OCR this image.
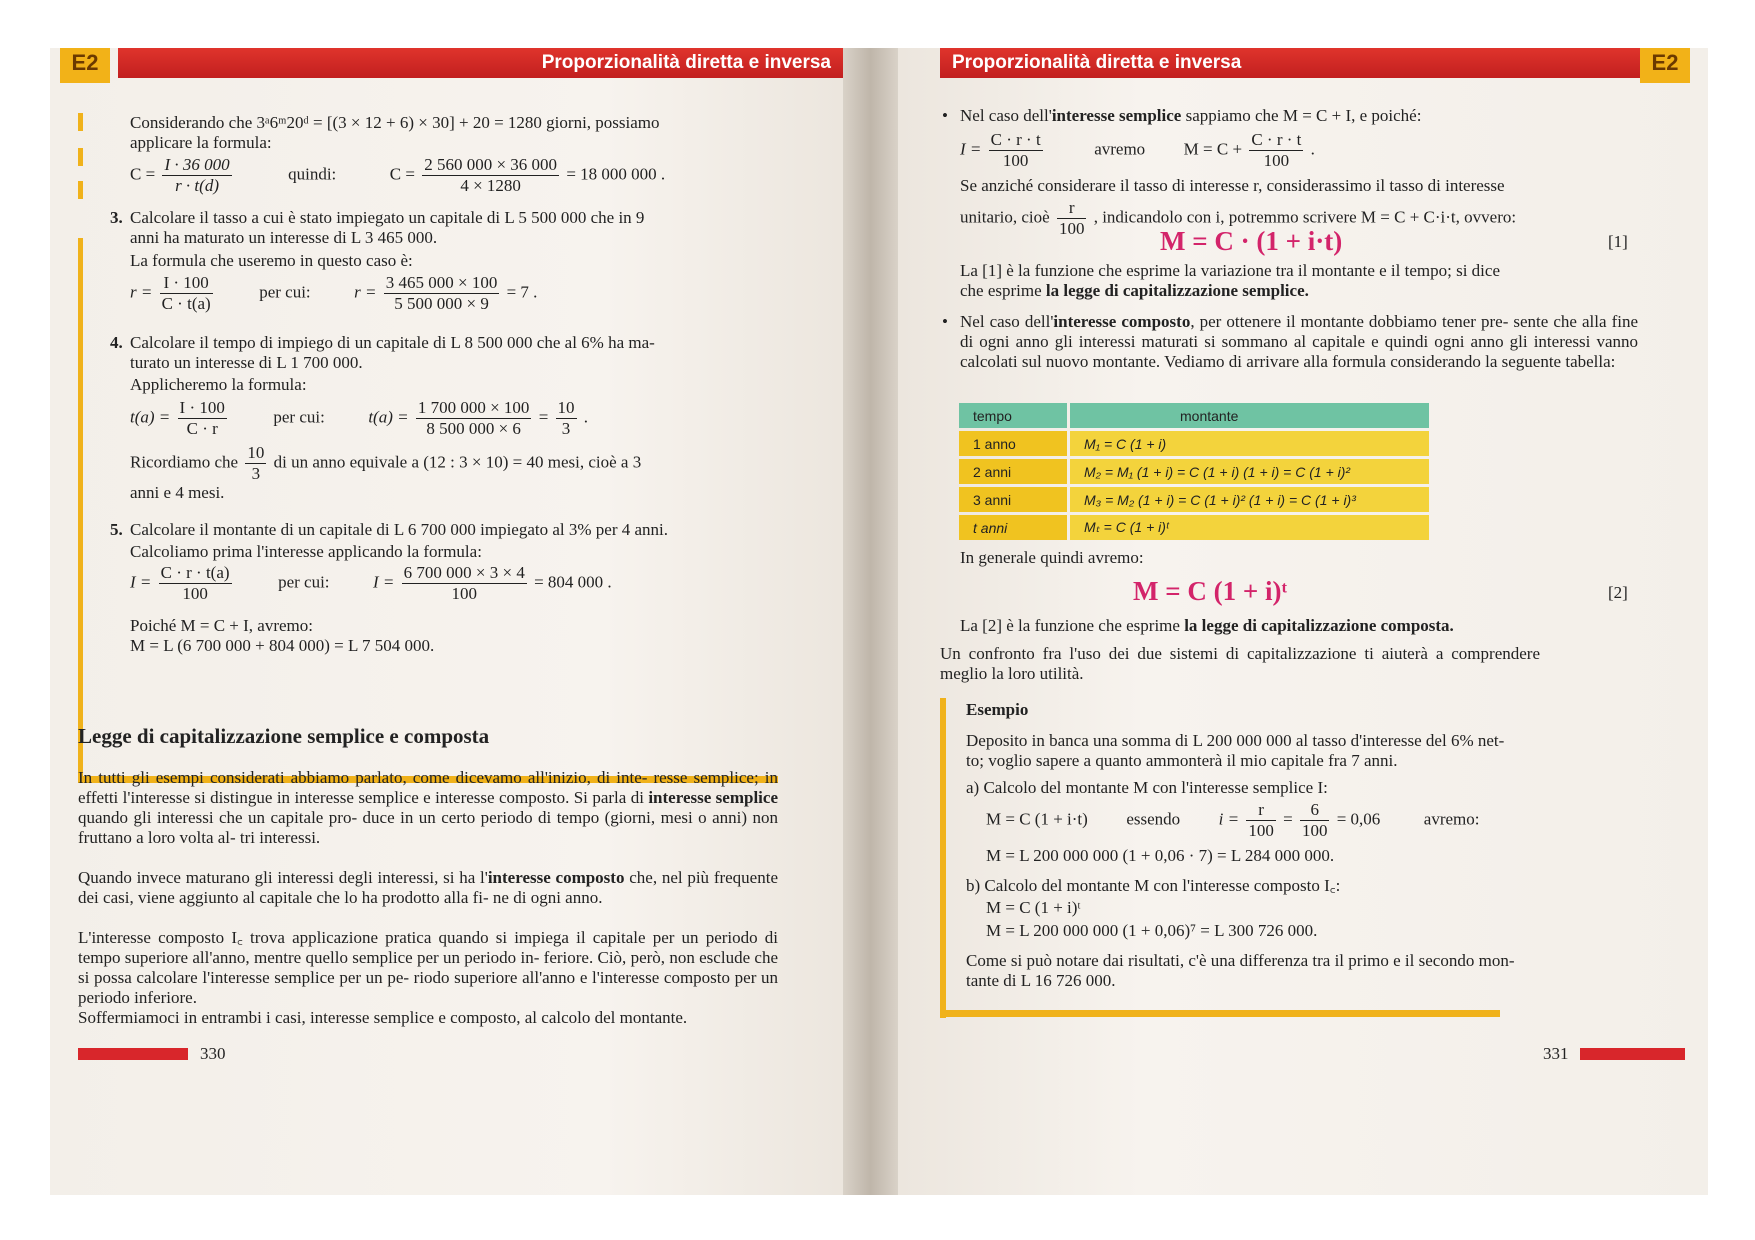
Proporzionalità diretta e inversa
E2
Considerando che 3ᵃ6ᵐ20ᵈ = [(3 × 12 + 6) × 30] + 20 = 1280 giorni, possiamo
applicare la formula:
$C = \frac{I \cdot 36 000}{r \cdot t(d)}$	quindi:	$C = \frac{2 560 000 \times 36 000}{4 \times 1280} = 18$ 000 000 .
3. Calcolare il tasso a cui è stato impiegato un capitale di L 5 500 000 che in 9
anni ha maturato un interesse di L 3 465 000.
La formula che useremo in questo caso è:
$r = \frac{I \cdot 100}{C \cdot t(a)}$	per cui:	$r = \frac{3 465 000 \times 100}{5 500 000 \times 9} = 7$ .
4. Calcolare il tempo di impiego di un capitale di L 8 500 000 che al 6% ha ma-
turato un interesse di L 1 700 000.
Applicheremo la formula:
$t(a) = \frac{I \cdot 100}{C \cdot r}$	per cui:	$t(a) = \frac{1 700 000 \times 100}{8 500 000 \times 6} = \frac{10}{3}$ .
Ricordiamo che $\frac{10}{3}$ di un anno equivale a (12 : 3 × 10) = 40 mesi, cioè a 3
anni e 4 mesi.
5. Calcolare il montante di un capitale di L 6 700 000 impiegato al 3% per 4 anni.
Calcoliamo prima l'interesse applicando la formula:
$I = \frac{C \cdot r \cdot t(a)}{100}$	per cui:	$I = \frac{6 700 000 \times 3 \times 4}{100} = 804$ 000 .
Poiché M = C + I, avremo:
M = L (6 700 000 + 804 000) = L 7 504 000.
Legge di capitalizzazione semplice e composta
In tutti gli esempi considerati abbiamo parlato, come dicevamo all'inizio, di inte- resse semplice; in effetti l'interesse si distingue in interesse semplice e interesse composto. Si parla di interesse semplice quando gli interessi che un capitale pro- duce in un certo periodo di tempo (giorni, mesi o anni) non fruttano a loro volta al- tri interessi.
Quando invece maturano gli interessi degli interessi, si ha l'interesse composto che, nel più frequente dei casi, viene aggiunto al capitale che lo ha prodotto alla fi- ne di ogni anno.
L'interesse composto I꜀ trova applicazione pratica quando si impiega il capitale per un periodo di tempo superiore all'anno, mentre quello semplice per un periodo in- feriore. Ciò, però, non esclude che si possa calcolare l'interesse semplice per un pe- riodo superiore all'anno e l'interesse composto per un periodo inferiore.
Soffermiamoci in entrambi i casi, interesse semplice e composto, al calcolo del montante.
330
Proporzionalità diretta e inversa	E2
• Nel caso dell'interesse semplice sappiamo che M = C + I, e poiché:
$I = \frac{C \cdot r \cdot t}{100}$	avremo $M = C + \frac{C \cdot r \cdot t}{100}$ .
Se anziché considerare il tasso di interesse r, considerassimo il tasso di interesse
unitario, cioè $\frac{r}{100}$ , indicandolo con i, potremmo scrivere M = C + C·i·t, ovvero:
M = C · (1 + i·t)	[1]
La [1] è la funzione che esprime la variazione tra il montante e il tempo; si dice
che esprime la legge di capitalizzazione semplice.
• Nel caso dell'interesse composto, per ottenere il montante dobbiamo tener pre- sente che alla fine di ogni anno gli interessi maturati si sommano al capitale e quindi ogni anno gli interessi vanno calcolati sul nuovo montante. Vediamo di arrivare alla formula considerando la seguente tabella:
tempo	montante
1 anno	M₁ = C (1 + i)
2 anni	M₂ = M₁ (1 + i) = C (1 + i) (1 + i) = C (1 + i)²
3 anni	M₃ = M₂ (1 + i) = C (1 + i)² (1 + i) = C (1 + i)³
t anni	Mₜ = C (1 + i)ᵗ
In generale quindi avremo:
M = C (1 + i)ᵗ	[2]
La [2] è la funzione che esprime la legge di capitalizzazione composta.
Un confronto fra l'uso dei due sistemi di capitalizzazione ti aiuterà a comprendere meglio la loro utilità.
Esempio
Deposito in banca una somma di L 200 000 000 al tasso d'interesse del 6% net-
to; voglio sapere a quanto ammonterà il mio capitale fra 7 anni.
a) Calcolo del montante M con l'interesse semplice I:
M = C (1 + i·t) essendo $i = \frac{r}{100} = \frac{6}{100} = 0,06$	avremo:
M = L 200 000 000 (1 + 0,06 · 7) = L 284 000 000.
b) Calcolo del montante M con l'interesse composto I꜀:
M = C (1 + i)ᵗ
M = L 200 000 000 (1 + 0,06)⁷ = L 300 726 000.
Come si può notare dai risultati, c'è una differenza tra il primo e il secondo mon-
tante di L 16 726 000.
331
